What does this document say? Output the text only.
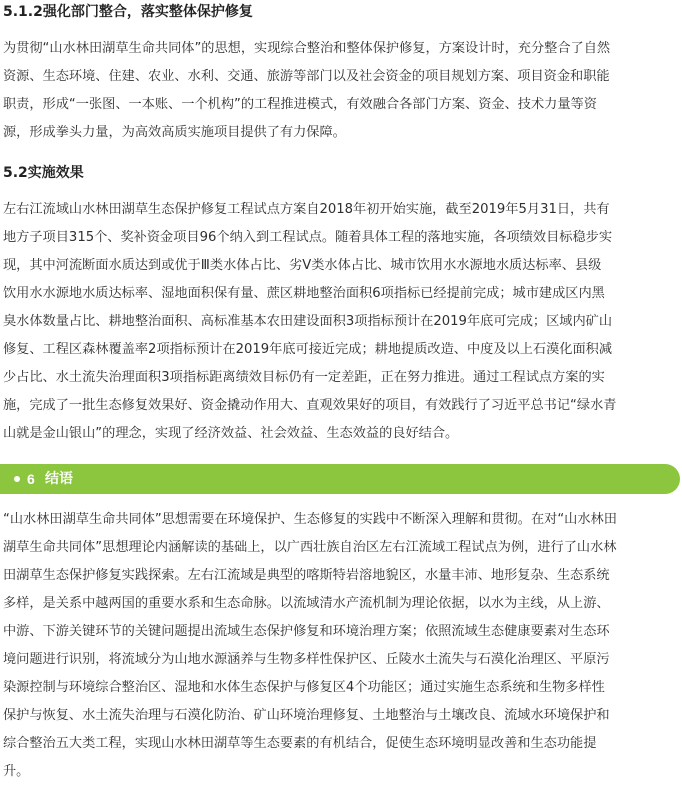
5.1.2强化部门整合，落实整体保护修复
为贯彻“山水林田湖草生命共同体”的思想，实现综合整治和整体保护修复，方案设计时，充分整合了自然
资源、生态环境、住建、农业、水利、交通、旅游等部门以及社会资金的项目规划方案、项目资金和职能
职责，形成“一张图、一本账、一个机构”的工程推进模式，有效融合各部门方案、资金、技术力量等资
源，形成拳头力量，为高效高质实施项目提供了有力保障。
5.2实施效果
左右江流域山水林田湖草生态保护修复工程试点方案自2018年初开始实施，截至2019年5月31日，共有
地方子项目315个、奖补资金项目96个纳入到工程试点。随着具体工程的落地实施，各项绩效目标稳步实
现，其中河流断面水质达到或优于Ⅲ类水体占比、劣V类水体占比、城市饮用水水源地水质达标率、县级
饮用水水源地水质达标率、湿地面积保有量、蔗区耕地整治面积6项指标已经提前完成；城市建成区内黑
臭水体数量占比、耕地整治面积、高标准基本农田建设面积3项指标预计在2019年底可完成；区域内矿山
修复、工程区森林覆盖率2项指标预计在2019年底可接近完成；耕地提质改造、中度及以上石漠化面积减
少占比、水土流失治理面积3项指标距离绩效目标仍有一定差距，正在努力推进。通过工程试点方案的实
施，完成了一批生态修复效果好、资金撬动作用大、直观效果好的项目，有效践行了习近平总书记“绿水青
山就是金山银山”的理念，实现了经济效益、社会效益、生态效益的良好结合。
6 结语
“山水林田湖草生命共同体”思想需要在环境保护、生态修复的实践中不断深入理解和贯彻。在对“山水林田
湖草生命共同体”思想理论内涵解读的基础上，以广西壮族自治区左右江流域工程试点为例，进行了山水林
田湖草生态保护修复实践探索。左右江流域是典型的喀斯特岩溶地貌区，水量丰沛、地形复杂、生态系统
多样，是关系中越两国的重要水系和生态命脉。以流域清水产流机制为理论依据，以水为主线，从上游、
中游、下游关键环节的关键问题提出流域生态保护修复和环境治理方案；依照流域生态健康要素对生态环
境问题进行识别，将流域分为山地水源涵养与生物多样性保护区、丘陵水土流失与石漠化治理区、平原污
染源控制与环境综合整治区、湿地和水体生态保护与修复区4个功能区；通过实施生态系统和生物多样性
保护与恢复、水土流失治理与石漠化防治、矿山环境治理修复、土地整治与土壤改良、流域水环境保护和
综合整治五大类工程，实现山水林田湖草等生态要素的有机结合，促使生态环境明显改善和生态功能提
升。
